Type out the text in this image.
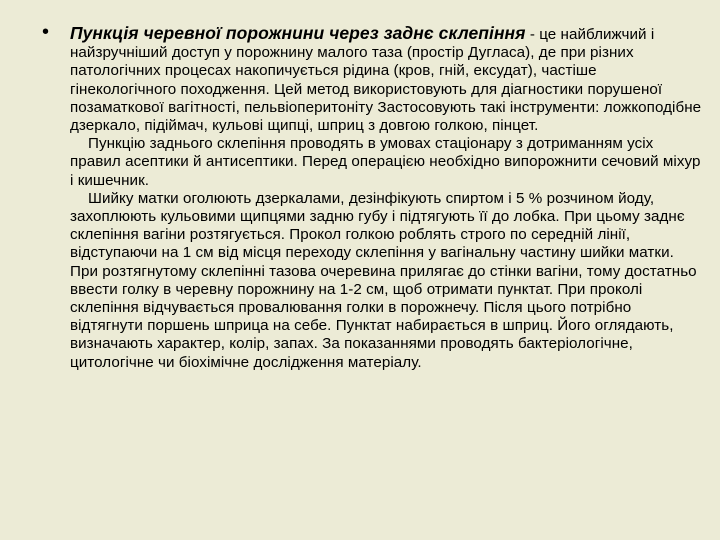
• Пункція черевної порожнини через заднє склепіння - це найближчий і найзручніший доступ у порожнину малого таза (простір Дугласа), де при різних патологічних процесах накопичується рідина (кров, гній, ексудат), частіше гінекологічного походження. Цей метод використовують для діагностики порушеної позаматкової вагітності, пельвіоперитоніту Застосовують такі інструменти: ложкоподібне дзеркало, підіймач, кульові щипці, шприц з довгою голкою, пінцет.

Пункцію заднього склепіння проводять в умовах стаціонару з дотриманням усіх правил асептики й антисептики. Перед операцією необхідно випорожнити сечовий міхур і кишечник.

Шийку матки оголюють дзеркалами, дезінфікують спиртом і 5 % розчином йоду, захоплюють кульовими щипцями задню губу і підтягують її до лобка. При цьому заднє склепіння вагіни розтягується. Прокол голкою роблять строго по середній лінії, відступаючи на 1 см від місця переходу склепіння у вагінальну частину шийки матки. При розтягнутому склепінні тазова очеревина прилягає до стінки вагіни, тому достатньо ввести голку в черевну порожнину на 1-2 см, щоб отримати пунктат. При проколі склепіння відчувається провалювання голки в порожнечу. Після цього потрібно відтягнути поршень шприца на себе. Пунктат набирається в шприц. Його оглядають, визначають характер, колір, запах. За показаннями проводять бактеріологічне, цитологічне чи біохімічне дослідження матеріалу.
